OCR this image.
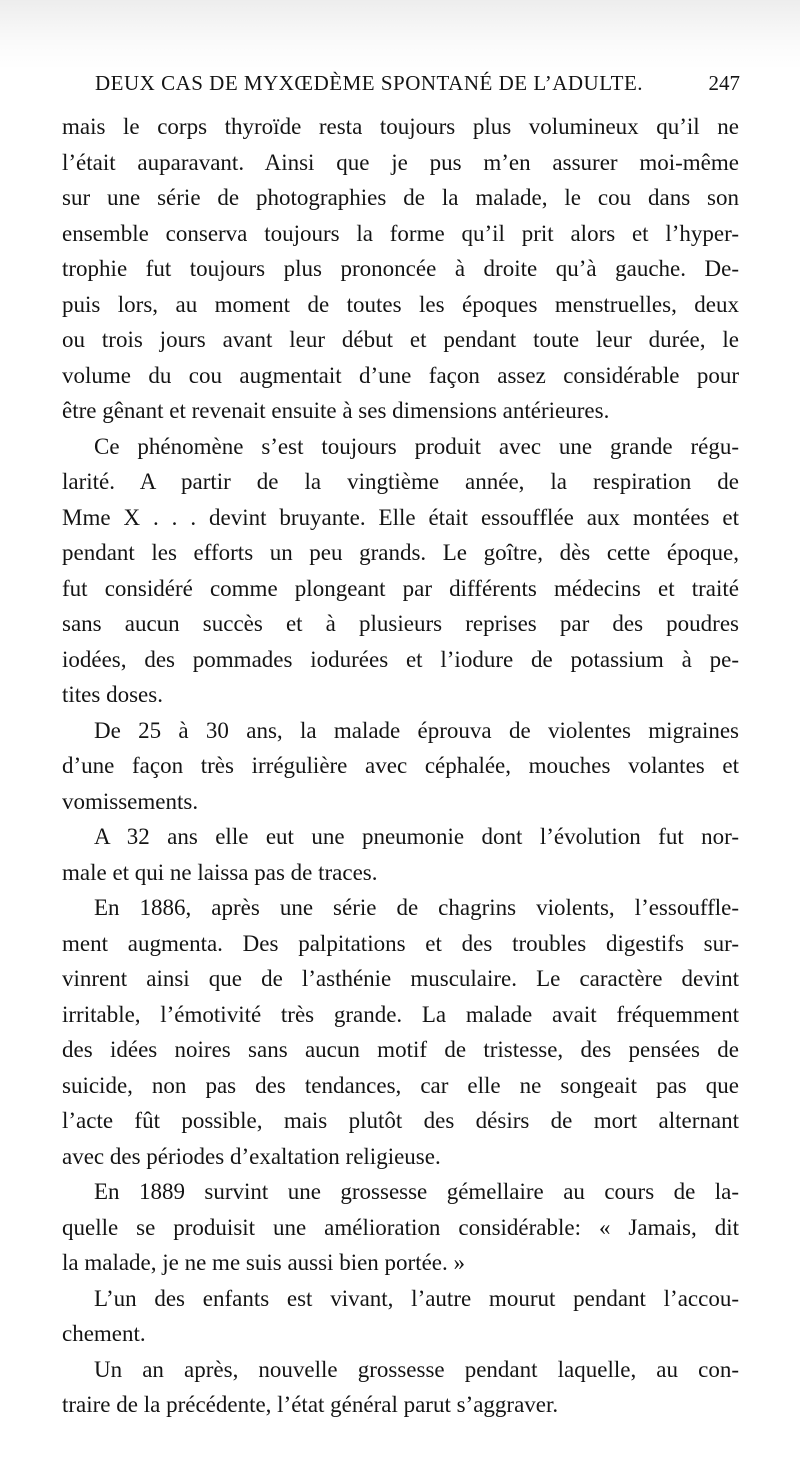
DEUX CAS DE MYXŒDÈME SPONTANÉ DE L’ADULTE.	247
mais le corps thyroïde resta toujours plus volumineux qu’il ne
l’était auparavant. Ainsi que je pus m’en assurer moi-même
sur une série de photographies de la malade, le cou dans son
ensemble conserva toujours la forme qu’il prit alors et l’hyper-
trophie fut toujours plus prononcée à droite qu’à gauche. De-
puis lors, au moment de toutes les époques menstruelles, deux
ou trois jours avant leur début et pendant toute leur durée, le
volume du cou augmentait d’une façon assez considérable pour
être gênant et revenait ensuite à ses dimensions antérieures.
Ce phénomène s’est toujours produit avec une grande régu-
larité. A partir de la vingtième année, la respiration de
Mme X . . . devint bruyante. Elle était essoufflée aux montées et
pendant les efforts un peu grands. Le goître, dès cette époque,
fut considéré comme plongeant par différents médecins et traité
sans aucun succès et à plusieurs reprises par des poudres
iodées, des pommades iodurées et l’iodure de potassium à pe-
tites doses.
De 25 à 30 ans, la malade éprouva de violentes migraines
d’une façon très irrégulière avec céphalée, mouches volantes et
vomissements.
A 32 ans elle eut une pneumonie dont l’évolution fut nor-
male et qui ne laissa pas de traces.
En 1886, après une série de chagrins violents, l’essouffle-
ment augmenta. Des palpitations et des troubles digestifs sur-
vinrent ainsi que de l’asthénie musculaire. Le caractère devint
irritable, l’émotivité très grande. La malade avait fréquemment
des idées noires sans aucun motif de tristesse, des pensées de
suicide, non pas des tendances, car elle ne songeait pas que
l’acte fût possible, mais plutôt des désirs de mort alternant
avec des périodes d’exaltation religieuse.
En 1889 survint une grossesse gémellaire au cours de la-
quelle se produisit une amélioration considérable: « Jamais, dit
la malade, je ne me suis aussi bien portée. »
L’un des enfants est vivant, l’autre mourut pendant l’accou-
chement.
Un an après, nouvelle grossesse pendant laquelle, au con-
traire de la précédente, l’état général parut s’aggraver.
